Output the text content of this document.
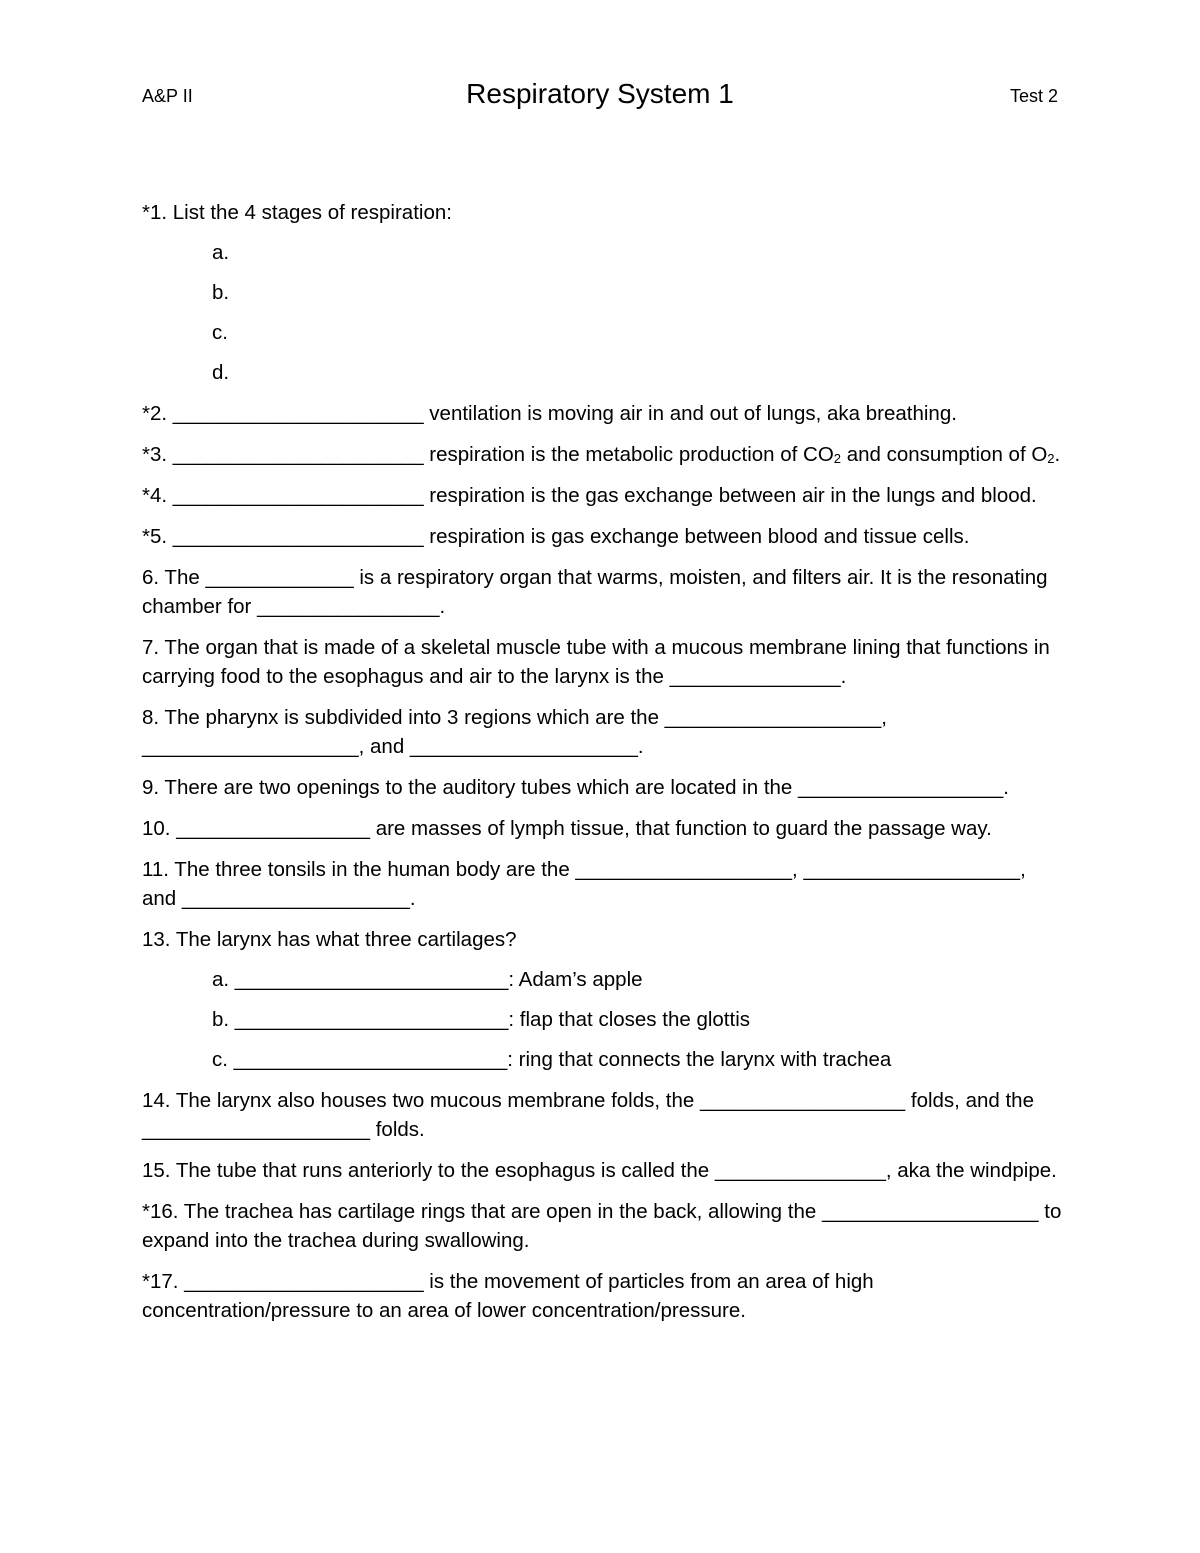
A&P II	Respiratory System 1	Test 2
*1. List the 4 stages of respiration:
a.
b.
c.
d.
*2. ______________________ ventilation is moving air in and out of lungs, aka breathing.
*3. ______________________ respiration is the metabolic production of $CO_2$ and consumption of $O_2$.
*4. ______________________ respiration is the gas exchange between air in the lungs and blood.
*5. ______________________ respiration is gas exchange between blood and tissue cells.
6. The _____________ is a respiratory organ that warms, moisten, and filters air. It is the resonating chamber for ________________.
7. The organ that is made of a skeletal muscle tube with a mucous membrane lining that functions in carrying food to the esophagus and air to the larynx is the _______________.
8. The pharynx is subdivided into 3 regions which are the ___________________, ___________________, and ____________________.
9. There are two openings to the auditory tubes which are located in the __________________.
10. _________________ are masses of lymph tissue, that function to guard the passage way.
11. The three tonsils in the human body are the ___________________, ___________________, and ____________________.
13. The larynx has what three cartilages?
a. ________________________: Adam’s apple
b. ________________________: flap that closes the glottis
c. ________________________: ring that connects the larynx with trachea
14. The larynx also houses two mucous membrane folds, the __________________ folds, and the ____________________ folds.
15. The tube that runs anteriorly to the esophagus is called the _______________, aka the windpipe.
*16. The trachea has cartilage rings that are open in the back, allowing the ___________________ to expand into the trachea during swallowing.
*17. _____________________ is the movement of particles from an area of high concentration/pressure to an area of lower concentration/pressure.
